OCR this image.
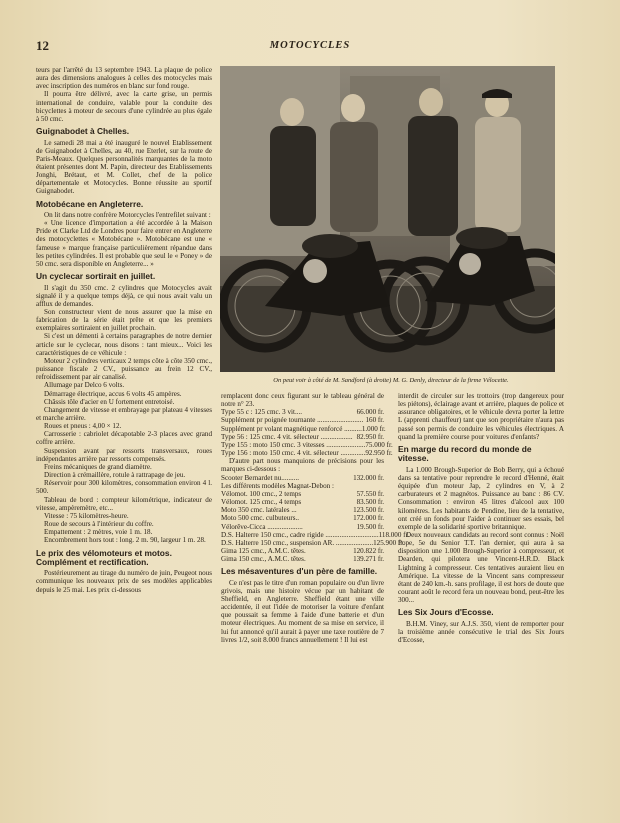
12	MOTOCYCLES
On peut voir à côté de M. Sandford (à droite) M. G. Denly, directeur de la firme Vélocette.

teurs par l'arrêté du 13 septembre 1943. La plaque de police aura des dimensions analogues à celles des motocycles mais avec inscription des numéros en blanc sur fond rouge.

Il pourra être délivré, avec la carte grise, un permis international de conduire, valable pour la conduite des bicyclettes à moteur de secours d'une cylindrée au plus égale à 50 cmc.

Guignabodet à Chelles.

Le samedi 28 mai a été inauguré le nouvel Etablissement de Guignabodet à Chelles, au 40, rue Eterlet, sur la route de Paris-Meaux. Quelques personnalités marquantes de la moto étaient présentes dont M. Papin, directeur des Etablissements Jonghi, Brétaut, et M. Collet, chef de la police départementale et Motocycles. Bonne réussite au sportif Guignabodet.

Motobécane en Angleterre.

On lit dans notre confrère Motorcycles l'entrefilet suivant :

« Une licence d'importation a été accordée à la Maison Pride et Clarke Ltd de Londres pour faire entrer en Angleterre des motocyclettes « Motobécane ». Motobécane est une « fameuse » marque française particulièrement répandue dans les petites cylindrées. Il est probable que seul le « Poney » de 50 cmc. sera disponible en Angleterre... »

Un cyclecar sortirait en juillet.

Il s'agit du 350 cmc. 2 cylindres que Motocycles avait signalé il y a quelque temps déjà, ce qui nous avait valu un afflux de demandes.

Son constructeur vient de nous assurer que la mise en fabrication de la série était prête et que les premiers exemplaires sortiraient en juillet prochain.

Si c'est un démenti à certains paragraphes de notre dernier article sur le cyclecar, nous disons : tant mieux... Voici les caractéristiques de ce véhicule :

Moteur 2 cylindres verticaux 2 temps côte à côte 350 cmc., puissance fiscale 2 CV., puissance au frein 12 CV., refroidissement par air canalisé.

Allumage par Delco 6 volts.

Démarrage électrique, accus 6 volts 45 ampères.

Châssis tôle d'acier en U fortement entretoisé.

Changement de vitesse et embrayage par plateau 4 vitesses et marche arrière.

Roues et pneus : 4,00 × 12.

Carrosserie : cabriolet décapotable 2-3 places avec grand coffre arrière.

Suspension avant par ressorts transversaux, roues indépendantes arrière par ressorts compensés.

Freins mécaniques de grand diamètre.

Direction à crémaillère, rotule à rattrapage de jeu.

Réservoir pour 300 kilomètres, consommation environ 4 l. 500.

Tableau de bord : compteur kilométrique, indicateur de vitesse, ampèremètre, etc...

Vitesse : 75 kilomètres-heure.

Roue de secours à l'intérieur du coffre.

Empattement : 2 mètres, voie 1 m. 18.

Encombrement hors tout : long. 2 m. 90, largeur 1 m. 28.

Le prix des vélomoteurs et motos. Complément et rectification.

Postérieurement au tirage du numéro de juin, Peugeot nous communique les nouveaux prix de ses modèles applicables depuis le 25 mai. Les prix ci-dessous

remplacent donc ceux figurant sur le tableau général de notre n° 23.

Type 55 c : 125 cmc. 3 vit....	66.000 fr.
Supplément pr poignée tournante .......................... 160 fr.
Supplément pr volant magnétique renforcé .......... 1.000 fr.
Type 56 : 125 cmc. 4 vit. sélecteur .................. 82.950 fr.
Type 155 : moto 150 cmc. 3 vitesses ...................... 75.000 fr.
Type 156 : moto 150 cmc. 4 vit. sélecteur .............. 92.950 fr.

D'autre part nous manquions de précisions pour les marques ci-dessous :

Scooter Bernardet nu..........	132.000 fr.
Les différents modèles Magnat-Debon :
Vélomot. 100 cmc., 2 temps	57.550 fr.
Vélomot. 125 cmc., 4 temps	83.500 fr.
Moto 350 cmc. latérales ...	123.500 fr.
Moto 500 cmc. culbuteurs..	172.000 fr.
Vélorêve-Cicca ....................	19.500 fr.
D.S. Halterre 150 cmc., cadre rigide .............................. 118.000 fr.
D.S. Halterre 150 cmc., suspension AR. ..................... 125.900 fr.
Gima 125 cmc., A.M.C. têtes.	120.822 fr.
Gima 150 cmc., A.M.C. têtes.	139.271 fr.
Les mésaventures d'un père de famille.

Ce n'est pas le titre d'un roman populaire ou d'un livre grivois, mais une histoire vécue par un habitant de Sheffield, en Angleterre. Sheffield étant une ville accidentée, il eut l'idée de motoriser la voiture d'enfant que poussait sa femme à l'aide d'une batterie et d'un moteur électriques. Au moment de sa mise en service, il lui fut annoncé qu'il aurait à payer une taxe routière de 7 livres 1/2, soit 8.000 francs annuellement ! Il lui est

interdit de circuler sur les trottoirs (trop dangereux pour les piétons), éclairage avant et arrière, plaques de police et assurance obligatoires, et le véhicule devra porter la lettre L (apprenti chauffeur) tant que son propriétaire n'aura pas passé son permis de conduire les véhicules électriques. A quand la première course pour voitures d'enfants?

En marge du record du monde de vitesse.

La 1.000 Brough-Superior de Bob Berry, qui a échoué dans sa tentative pour reprendre le record d'Henné, était équipée d'un moteur Jap, 2 cylindres en V, à 2 carburateurs et 2 magnétos. Puissance au banc : 86 CV. Consommation : environ 45 litres d'alcool aux 100 kilomètres. Les habitants de Pendine, lieu de la tentative, ont créé un fonds pour l'aider à continuer ses essais, bel exemple de la solidarité sportive britannique.

Deux nouveaux candidats au record sont connus : Noël Pope, 5e du Senior T.T. l'an dernier, qui aura à sa disposition une 1.000 Brough-Superior à compresseur, et Dearden, qui pilotera une Vincent-H.R.D. Black Lightning à compresseur. Ces tentatives auraient lieu en Amérique. La vitesse de la Vincent sans compresseur étant de 240 km.-h. sans profilage, il est hors de doute que courant août le record fera un nouveau bond, peut-être les 300...

Les Six Jours d'Ecosse.

B.H.M. Viney, sur A.J.S. 350, vient de remporter pour la troisième année consécutive le trial des Six Jours d'Ecosse,
